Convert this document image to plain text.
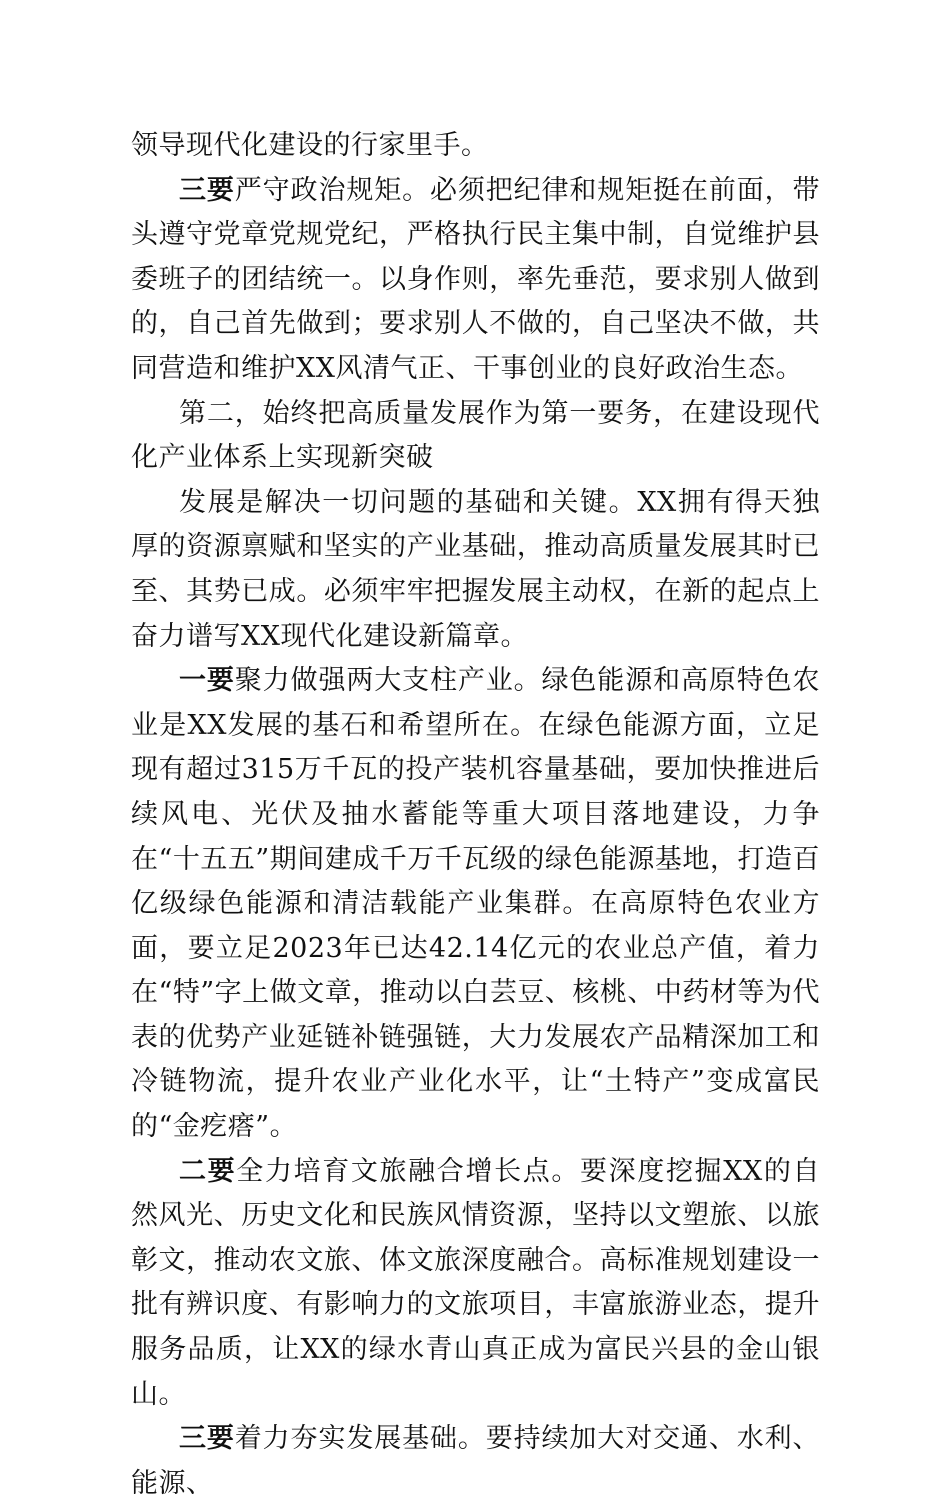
领导现代化建设的行家里手。

三要严守政治规矩。必须把纪律和规矩挺在前面，带头遵守党章党规党纪，严格执行民主集中制，自觉维护县委班子的团结统一。以身作则，率先垂范，要求别人做到的，自己首先做到；要求别人不做的，自己坚决不做，共同营造和维护XX风清气正、干事创业的良好政治生态。

第二，始终把高质量发展作为第一要务，在建设现代化产业体系上实现新突破

发展是解决一切问题的基础和关键。XX拥有得天独厚的资源禀赋和坚实的产业基础，推动高质量发展其时已至、其势已成。必须牢牢把握发展主动权，在新的起点上奋力谱写XX现代化建设新篇章。

一要聚力做强两大支柱产业。绿色能源和高原特色农业是XX发展的基石和希望所在。在绿色能源方面，立足现有超过315万千瓦的投产装机容量基础，要加快推进后续风电、光伏及抽水蓄能等重大项目落地建设，力争在“十五五”期间建成千万千瓦级的绿色能源基地，打造百亿级绿色能源和清洁载能产业集群。在高原特色农业方面，要立足2023年已达42.14亿元的农业总产值，着力在“特”字上做文章，推动以白芸豆、核桃、中药材等为代表的优势产业延链补链强链，大力发展农产品精深加工和冷链物流，提升农业产业化水平，让“土特产”变成富民的“金疙瘩”。

二要全力培育文旅融合增长点。要深度挖掘XX的自然风光、历史文化和民族风情资源，坚持以文塑旅、以旅彰文，推动农文旅、体文旅深度融合。高标准规划建设一批有辨识度、有影响力的文旅项目，丰富旅游业态，提升服务品质，让XX的绿水青山真正成为富民兴县的金山银山。

三要着力夯实发展基础。要持续加大对交通、水利、能源、
